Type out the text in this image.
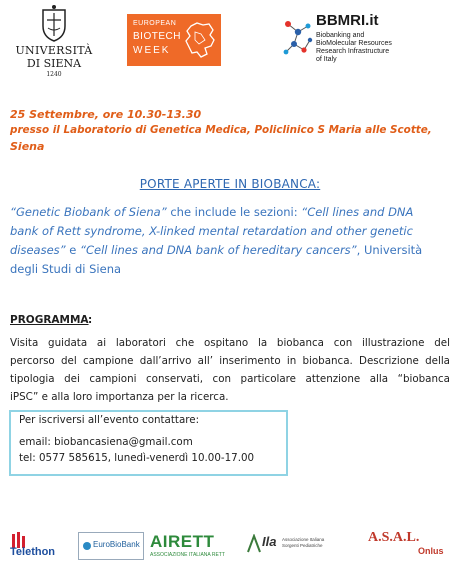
UNIVERSITÀ
DI SIENA
1240
EUROPEAN
BIOTECH
WEEK
BBMRI.it
Biobanking and
BioMolecular Resources
Research Infrastructure
of Italy
25 Settembre, ore 10.30-13.30
presso il Laboratorio di Genetica Medica, Policlinico S Maria alle Scotte,
Siena
PORTE APERTE IN BIOBANCA:
“Genetic Biobank of Siena” che include le sezioni: “Cell lines and DNA
bank of Rett syndrome, X-linked mental retardation and other genetic
diseases” e “Cell lines and DNA bank of hereditary cancers”, Università
degli Studi di Siena
PROGRAMMA :
Visita guidata ai laboratori che ospitano la biobanca con illustrazione del
percorso del campione dall’arrivo all’ inserimento in biobanca. Descrizione della
tipologia dei campioni conservati, con particolare attenzione alla “biobanca
iPSC” e alla loro importanza per la ricerca.
Per iscriversi all’evento contattare:
email: biobancasiena@gmail.com
tel: 0577 585615, lunedì-venerdì 10.00-17.00
Telethon
EuroBioBank AIRETT
ASSOCIAZIONE ITALIANA RETT
Ila Associazione Italiana
Sorgenti Pediatriche
A.S.A.L.
Onlus
